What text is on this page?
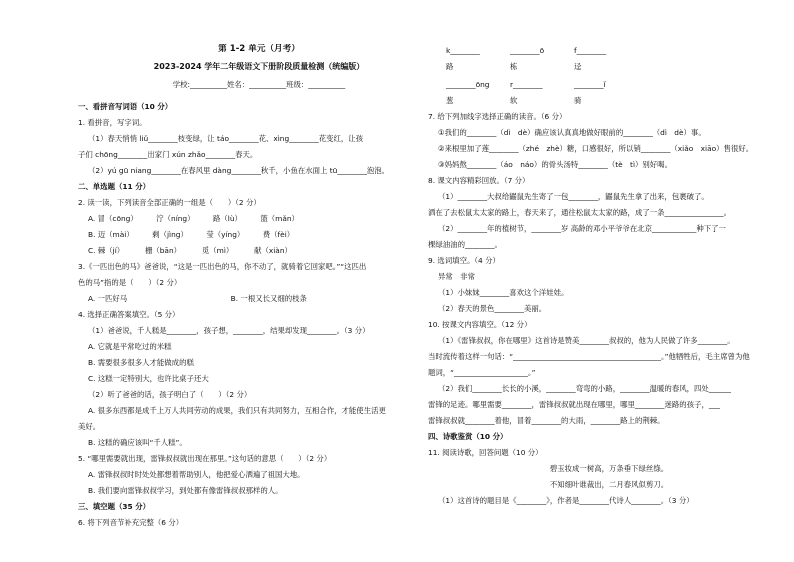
第 1-2 单元（月考）
2023-2024 学年二年级语文下册阶段质量检测（统编版）
学校:__________姓名：__________班级：__________
一、看拼音写词语（10 分）
1. 看拼音，写字词。
（1）春天悄悄 liǔ________枝变绿，让 táo________花、xìng________花变红，让孩
子们 chōng________出家门 xún zhǎo________春天。
（2）yú gū niang________在春风里 dàng________秋千，小鱼在水面上 tū________泡泡。
二、单选题（11 分）
2. 读一读，下列读音全部正确的一组是（　　）（2 分）
A. 冒（cōng）　　　泞（níng）　　　路（lù）　　　篮（mǎn）
B. 迈（mài）　　　剩（jìng）　　　莹（yíng）　　　费（fèi）
C. 棘（jí）　　　 栅（bān）　　　 觅（mì）　　　 献（xiàn）
3.《一匹出色的马》爸爸说，“这是一匹出色的马，你不动了，就骑着它回家吧。”“这匹出
色的马”指的是（　　）（2 分）
A. 一匹好马　　　　　　　　　　　　　　B. 一根又长又细的枝条
4. 选择正确答案填空。（5 分）
（1）爸爸说，千人糕是________，孩子想，________，结果却发现________。（3 分）
A. 它就是平常吃过的米糕
B. 需要很多很多人才能做成的糕
C. 这糕一定特别大，也许比桌子还大
（2）听了爸爸的话，孩子明白了（　　）（2 分）
A. 很多东西都是成千上万人共同劳动的成果，我们只有共同努力，互相合作，才能使生活更
美好。
B. 这糕的确应该叫“千人糕”。
5. “哪里需要就出现，雷锋叔叔就出现在那里。”这句话的意思（　　）（2 分）
A. 雷锋叔叔时时处处都想着帮助别人，他把爱心洒遍了祖国大地。
B. 我们要向雷锋叔叔学习，到处都有像雷锋叔叔那样的人。
三、填空题（35 分）
6. 将下列音节补充完整（6 分）
k________	________ō	f________
路	栋	迳
________ōng	r________	________ǐ
葱	软	骑
7. 给下列加线字选择正确的读音。（6 分）
①我们的________（dì　dè）确应该认真真地做好眼前的________（dì　dè）事。
②来根里加了莲________（zhé　zhè）糖，口感很好，所以销________（xiǎo　xiāo）售很好。
③妈妈熬________（áo　náo）的骨头汤特________（tè　tì）别好喝。
8. 课文内容精彩回放。（7 分）
（1）________大叔给鼹鼠先生寄了一包________，鼹鼠先生拿了出来，包裹破了。
洒在了去松鼠太太家的路上，春天来了，通往松鼠太太家的路，成了一条________________。
（2）________年的植树节，________岁 高龄的邓小平爷爷在北京____________种下了一
棵绿油油的________。
9. 选词填空。（4 分）
异常　非常
（1）小妹妹________喜欢这个洋娃娃。
（2）春天的景色________美丽。
10. 按课文内容填空。（12 分）
（1）《雷锋叔叔，你在哪里》这首诗是赞美________叔叔的，他为人民做了许多________。
当时流传着这样一句话：“________________________________________。”他牺牲后，毛主席曾为他
题词，“____________________。”
（2）我们________长长的小溪，________弯弯的小路，________温暖的春风，四处______
雷锋的足迹。哪里需要________，雷锋叔叔就出现在哪里，哪里________迷路的孩子，___
雷锋叔叔就________着他，冒着________的大雨，________路上的荆棘。
四、诗歌鉴赏（10 分）
11. 阅读诗歌，回答问题（10 分）
碧玉妆成一树高，万条垂下绿丝绦。
不知细叶谁裁出，二月春风似剪刀。
（1）这首诗的题目是《________》，作者是________代诗人________。（3 分）
